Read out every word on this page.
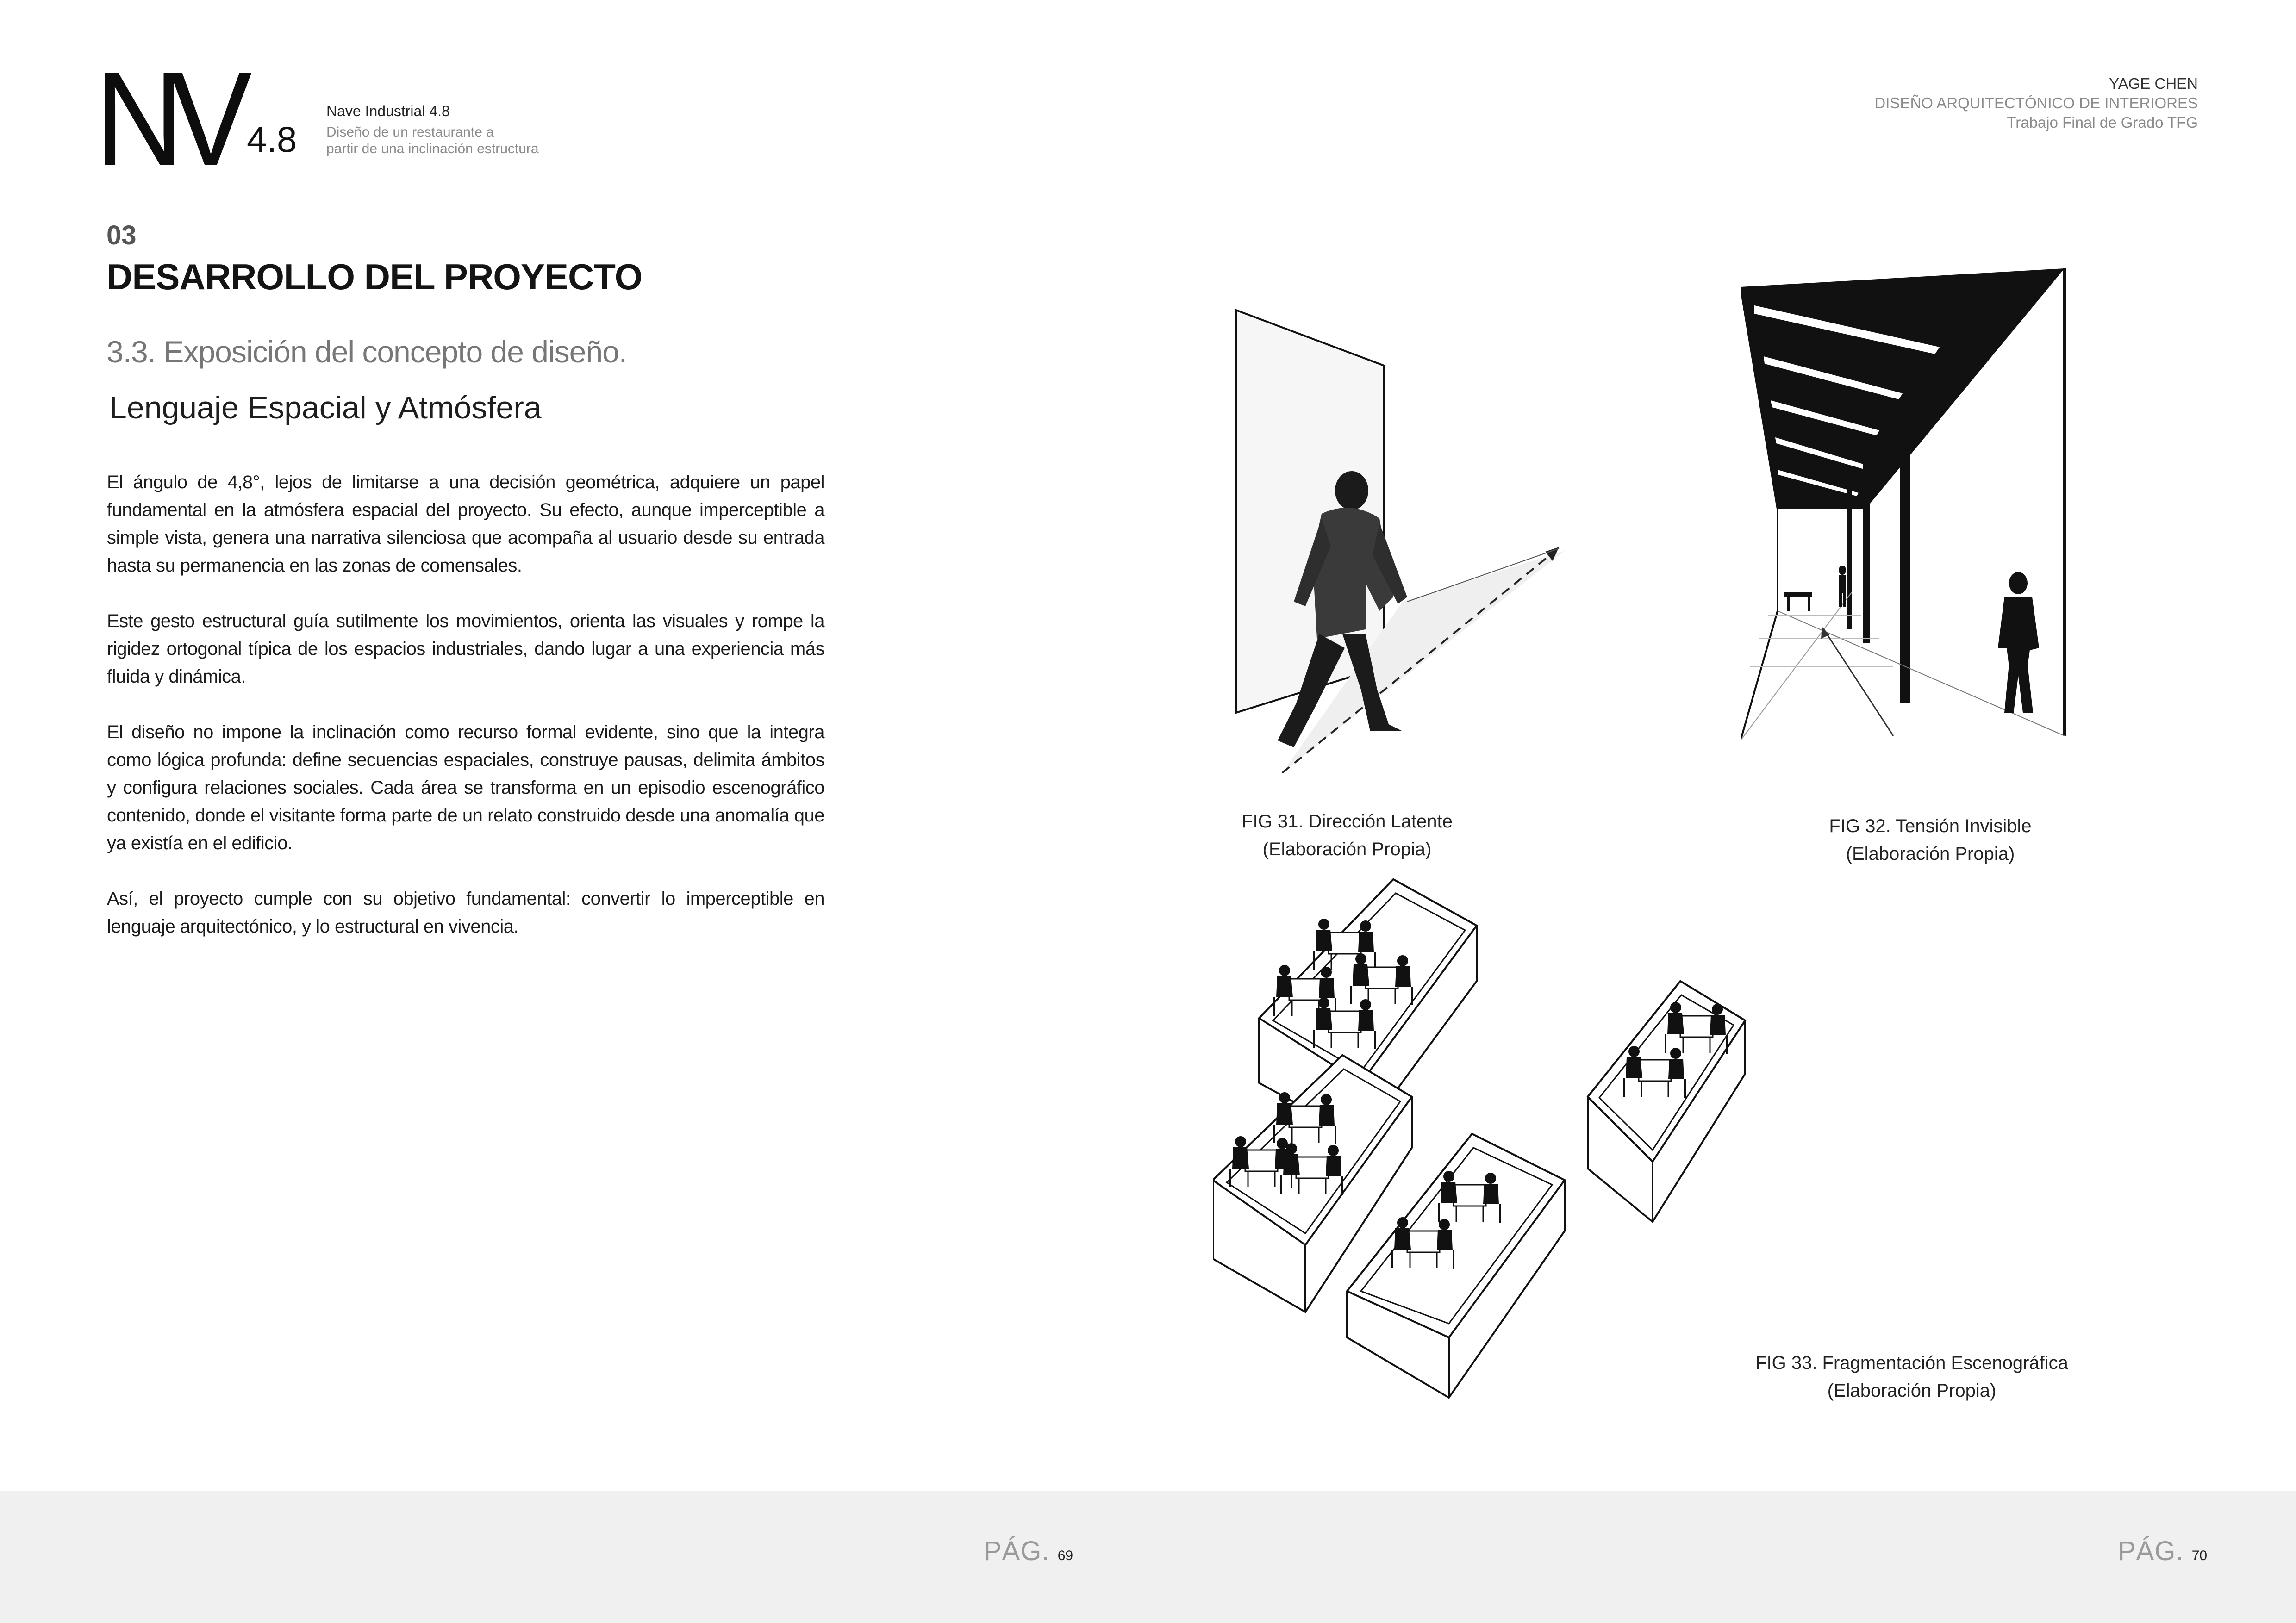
NV 4.8
Nave Industrial 4.8
Diseño de un restaurante a
partir de una inclinación estructura
YAGE CHEN
DISEÑO ARQUITECTÓNICO DE INTERIORES
Trabajo Final de Grado TFG
03
DESARROLLO DEL PROYECTO
3.3. Exposición del concepto de diseño.
Lenguaje Espacial y Atmósfera

El ángulo de 4,8°, lejos de limitarse a una decisión geométrica, adquiere un papel fundamental en la atmósfera espacial del proyecto. Su efecto, aunque imperceptible a simple vista, genera una narrativa silenciosa que acompaña al usuario desde su entrada hasta su permanencia en las zonas de comensales.

Este gesto estructural guía sutilmente los movimientos, orienta las visuales y rompe la rigidez ortogonal típica de los espacios industriales, dando lugar a una experiencia más fluida y dinámica.

El diseño no impone la inclinación como recurso formal evidente, sino que la integra como lógica profunda: define secuencias espaciales, construye pausas, delimita ámbitos y configura relaciones sociales. Cada área se transforma en un episodio escenográfico contenido, donde el visitante forma parte de un relato construido desde una anomalía que ya existía en el edificio.

Así, el proyecto cumple con su objetivo fundamental: convertir lo imperceptible en lenguaje arquitectónico, y lo estructural en vivencia.

FIG 31. Dirección Latente
(Elaboración Propia)
FIG 32. Tensión Invisible
(Elaboración Propia)
FIG 33. Fragmentación Escenográfica
(Elaboración Propia)
PÁG. 69	PÁG. 70
